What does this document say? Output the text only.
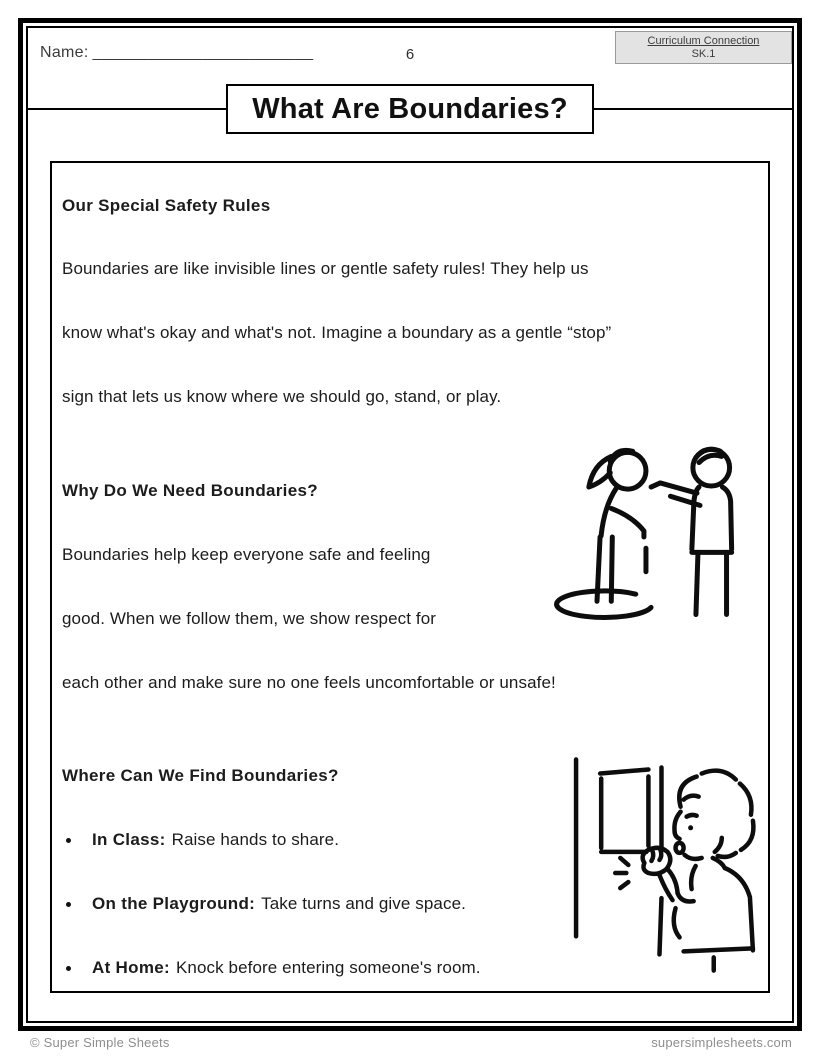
Name: ________________________	6
Curriculum Connection
SK.1
What Are Boundaries?
Our Special Safety Rules
Boundaries are like invisible lines or gentle safety rules! They help us
know what's okay and what's not. Imagine a boundary as a gentle “stop”
sign that lets us know where we should go, stand, or play.
Why Do We Need Boundaries?
Boundaries help keep everyone safe and feeling
good. When we follow them, we show respect for
each other and make sure no one feels uncomfortable or unsafe!
Where Can We Find Boundaries?
In Class: Raise hands to share.
On the Playground: Take turns and give space.
At Home: Knock before entering someone's room.
© Super Simple Sheets	supersimplesheets.com
